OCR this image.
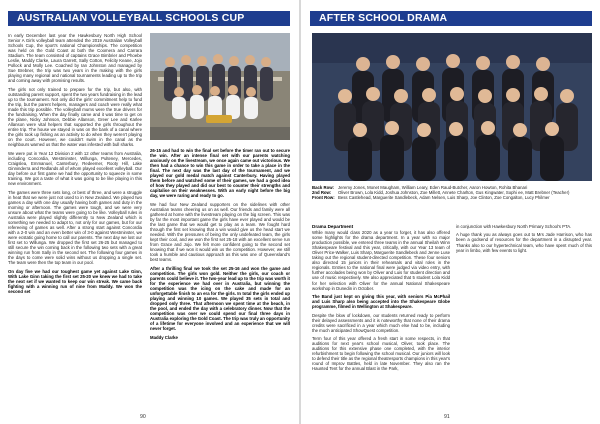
AUSTRALIAN VOLLEYBALL SCHOOLS CUP

In early December last year the Hawkesbury North High School Senior A Girls volleyball team attended the 2019 Australian Volleyball Schools Cup, the sport's national Championships. The competition was held on the Gold Coast at both the Coomera and Carrara Stadium. The team consisted of captains Grace Bimbrier and Phoebe Leslie, Maddy Clarke, Laura Garrett, Sally Cotton, Felicity Keane, Jojo Pollock and Molly Lee. Coached by Ian Johnston and managed by Sue Brebner, the trip was two years in the making with the girls playing many regional and national tournaments leading up to the trip and coming away with promising results.

The girls not only trained to prepare for the trip, but also, with outstanding parent support, spent the two years fundraising in the lead up to the tournament. Not only did the girls' commitment help to fund the trip, but the parent helpers, managers and coach were really what made this trip possible. The volleyball mums were the true drivers for the fundraising. When the day finally came and it was time to get on the plane, Nicky Johnson, Debbie Allanson, Greer Lee and Karlee Allanson were vital helpers that supported the girls throughout the entire trip. The house we stayed in was on the bank of a canal where the girls took up fishing as an activity to do when they weren't playing on the court. However, we couldn't swim in the canal as the neighbours warned us that the water was infested with bull sharks.

We were put in Year 12 Division 2 with 12 other teams from Australia, including Concordia, Westminster, Willunga, Pulteney, Mercedes, Craigslea, Emmanuel, Canterbury, Redeemer, Rooty Hill, Lake Ginninderra and Redlands all of whom played excellent volleyball. Our day before our first game we had the opportunity to squeeze in some training. We got a taste of what it was going to be like playing in this new environment.

The games were three sets long, or best of three, and were a struggle in heat that we were just not used to in New Zealand. We played two games a day with one day usually having both games and duty in the morning or afternoon. The games were tough, and we were very unsure about what the teams were going to be like. Volleyball rules in Australia were played slightly differently to New Zealand which is something we needed to adapt to, not only for our games, but for our refereeing of games as well. After a strong start against Concordia with a 2-0 win and an even better win of 3-0 against Westminster, we were ecstatic going home to call our parents. The next day we lost our first set to Willunga. We dropped the first set 26-25 but managed to still secure the win coming back in the following two sets with a great winning run from Sally in the second set. The following four games in the days to come were solid wins without us dropping a single set. The team were then the top team in our pool.

On day five we had our toughest game yet against Lake Ginn, With Lake Ginn taking the first set 25-20 we knew we had to take the next set if we wanted to keep our win streak. We came back fighting with a winning run of nine from Maddy. We won the second set

26-15 and had to win the final set before the timer ran out to secure the win. After an intense final set with our parents watching anxiously on the livestream, we once again came out victorious. We then had a chance to win this game in order to take a place in the final. The next day was the last day of the tournament, and we played our gold medal match against Canterbury. Having played them before and watched some of their games, we had a good idea of how they played and did our best to counter their strengths and capitalise on their weaknesses. With an early night before the big day, we were raring and ready to go.

We had four New Zealand supporters on the sidelines with other Australian teams cheering us on as well. Our friends and family were all gathered at home with the livestream playing on the big screen. This was by far the most important game the girls have ever played and would be the last game that we would get to play as a team. We fought hard through the first set knowing that a win would give us the head start we needed. With the pressures of being the only undefeated team, the girls kept their cool, and we won the first set 25-18 with an excellent serve run from Grace and Jojo. We felt more confident going to the second set knowing that if we won it would win us the competition. However, we still took a humble and cautious approach as this was one of Queensland's best teams.

After a thrilling final we took the set 25-16 and won the game and competition. The girls won gold. Neither the girls, our coach or parents could believe it. The two-year lead up to the trip was worth it for the experience we had over in Australia, but winning the competition was the icing on the cake and made for an unforgettable finish to an era for the girls. In total the girls ended up playing and winning 10 games. We played 35 sets in total and dropped only three. That afternoon we spent time at the beach, in the pool, and ended the day with a celebratory dinner. Now that the competition was over we could spend our final three days in Australia exploring the Gold Coast. The trip was truly an opportunity of a lifetime for everyone involved and an experience that we will never forget.

Maddy Clarke

90
AFTER SCHOOL DRAMA
Back Row: Jeremy Jones, Monet Maugham, William Leary, Eden Raud-Butcher, Aaron Howton, Rohita Bhanari
2nd Row:	Oliver Brown, Lola Kidd, Joshua Johnston, Zoe Millett, Annete Charlton, Gus Kingwater, Sophi ee, Matt Brebner (Teacher)
Front Row: Bess Castlehead, Marguerite Sandlebeck, Adam Nelsen, Luis Sharp, Joe Clinton, Zoe Congalton, Lucy Philmer
Drama Department

While many would class 2020 as a year to forget, it has also offered some highlights for the drama department. In a year with so major production possible, we entered three teams in the annual Sheilah Winn Shakespeare festival and this year, critically, with our Year 13 team of Oliver Price-Walker, Luis Sharp, Marguerite Sandlebeck and Jenne Luse taking out the regional student-directed competition. These four seniors also directed 15 juniors in their rehearsals and vital roles in the regionals. Entries to the national final were judged via video entry, with further accolades being won by Oliver and Luis for student direction and use of music respectively. We also appreciated that 5 student Lola Kidd for her selection with Oliver for the annual National Shakespeare workshop in Dunedin in October.

The Band just kept on giving this year, with seniors Pia McPhail and Luis Sharp also being accepted into the Shakespeare Globe programme, filmed in Wellington at Shakespeare.

Despite the blow of lockdown, our students returned ready to perform their delayed assessments and it is noteworthy that none of their drama credits were sacrificed in a year which much else had to be, including the much anticipated ShowQuest competition.

Term four of this year offered a fresh start in some respects, in that auditions for next year's school musical, Oliver, took place. The auditions for this extensive phase one completed, with the interior refurbishment to begin following the school musical. Our juniors will look to defend their title as the regional theatresports champions in this year's round of Improv Battles, held in late November. They also ran the Haunted Tent for the annual Blast in the Park,

in conjunction with Hawkesbury North Primary School's PTA.

A huge thank you as always goes out to Mrs Jade Harrison, who has been a godsend of resources for the department in a disrupted year. Thanks also to our hypertechnical team, who have spent much of this year in limbo, with few events to light.

91
